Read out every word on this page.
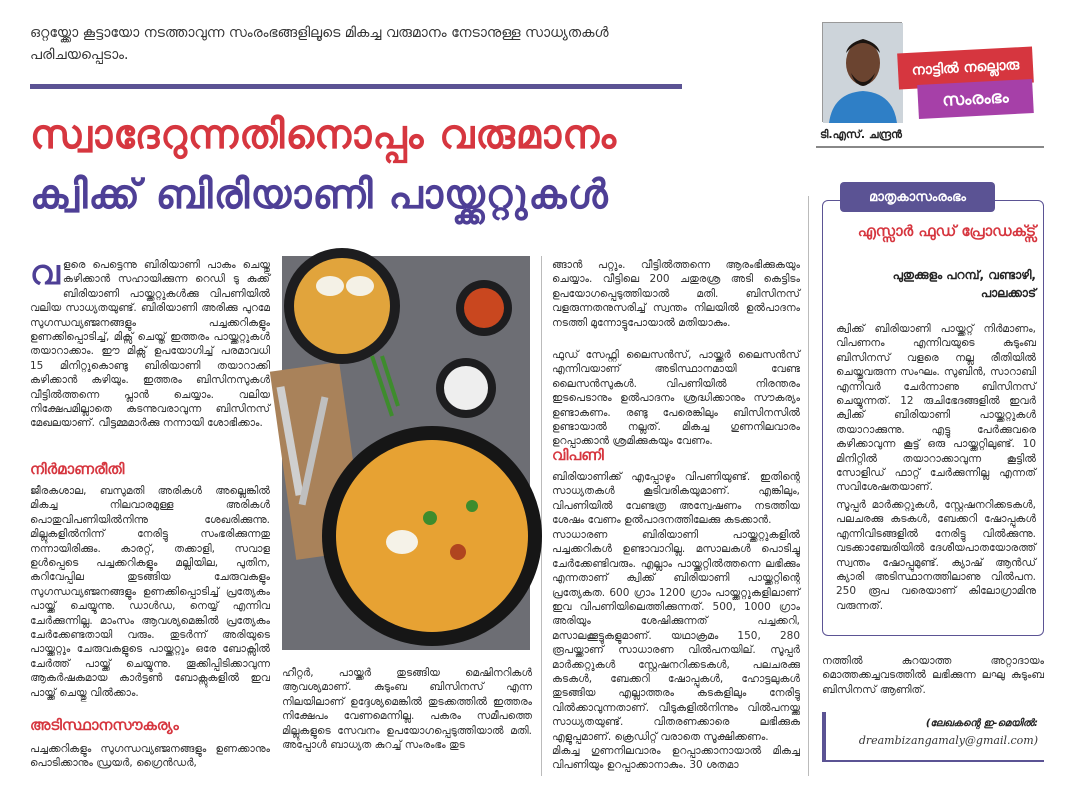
ഒറ്റയ്ക്കോ കൂട്ടായോ നടത്താവുന്ന സംരംഭങ്ങളിലൂടെ മികച്ച വരുമാനം നേടാനുള്ള സാധ്യതകൾ പരിചയപ്പെടാം.

സ്വാദേറുന്നതിനൊപ്പം വരുമാനം
ക്വിക്ക് ബിരിയാണി പായ്ക്കറ്റുകൾ
നാട്ടിൽ നല്ലൊരു
സംരംഭം
ടി.എസ്. ചന്ദ്രൻ
വളരെ പെട്ടെന്നു ബിരിയാണി പാകം ചെയ്തു കഴിക്കാൻ സഹായിക്കുന്ന റെഡി ടു കുക്ക് ബിരിയാണി പായ്ക്കറ്റുകൾക്കു വിപണിയിൽ വലിയ സാധ്യതയുണ്ട്. ബിരിയാണി അരിക്കു പുറമേ സുഗന്ധവ്യഞ്ജനങ്ങളും പച്ചക്കറികളും ഉണക്കിപ്പൊടിച്ച്, മിക്സ് ചെയ്ത് ഇത്തരം പായ്ക്കറ്റുകൾ തയാറാക്കാം. ഈ മിക്സ് ഉപയോഗിച്ച് പരമാവധി 15 മിനിറ്റുകൊണ്ടു ബിരിയാണി തയാറാക്കി കഴിക്കാൻ കഴിയും. ഇത്തരം ബിസിനസുകൾ വീട്ടിൽത്തന്നെ പ്ലാൻ ചെയ്യാം. വലിയ നിക്ഷേപമില്ലാതെ കടന്നുവരാവുന്ന ബിസിനസ് മേഖലയാണ്. വീട്ടമ്മമാർക്കു നന്നായി ശോഭിക്കാം.
നിർമാണരീതി
ജീരകശാല, ബസുമതി അരികൾ അല്ലെങ്കിൽ മികച്ച നിലവാരമുള്ള അരികൾ പൊതുവിപണിയിൽനിന്നു ശേഖരിക്കുന്നു. മില്ലുകളിൽനിന്ന് നേരിട്ടു സംഭരിക്കുന്നതു നന്നായിരിക്കും. കാരറ്റ്, തക്കാളി, സവാള ഉൾപ്പെടെ പച്ചക്കറികളും മല്ലിയില, പുതിന, കറിവേപ്പില തുടങ്ങിയ ചേരുവകളും സുഗന്ധവ്യഞ്ജനങ്ങളും ഉണക്കിപ്പൊടിച്ച് പ്രത്യേകം പായ്ക്ക് ചെയ്യുന്നു. ഡാൾഡ, നെയ്യ് എന്നിവ ചേർക്കുന്നില്ല. മാംസം ആവശ്യമെങ്കിൽ പ്രത്യേകം ചേർക്കേണ്ടതായി വരും. തുടർന്ന് അരിയുടെ പായ്ക്കറ്റും ചേരുവകളുടെ പായ്ക്കറ്റും ഒരേ ബോക്സിൽ ചേർത്ത് പായ്ക്ക് ചെയ്യുന്നു. തൂക്കിപ്പിടിക്കാവുന്ന ആകർഷകമായ കാർട്ടൺ ബോക്സുകളിൽ ഇവ പായ്ക്ക് ചെയ്തു വിൽക്കാം.
അടിസ്ഥാനസൗകര്യം
പച്ചക്കറികളും സുഗന്ധവ്യഞ്ജനങ്ങളും ഉണക്കാനും പൊടിക്കാനും ഡ്രയർ, ഗ്രൈൻഡർ,
ഹീറ്റർ, പായ്ക്കർ തുടങ്ങിയ മെഷിനറികൾ ആവശ്യമാണ്. കുടുംബ ബിസിനസ് എന്ന നിലയിലാണ് ഉദ്ദേശ്യമെങ്കിൽ തുടക്കത്തിൽ ഇത്തരം നിക്ഷേപം വേണമെന്നില്ല. പകരം സമീപത്തെ മില്ലുകളുടെ സേവനം ഉപയോഗപ്പെടുത്തിയാൽ മതി. അപ്പോൾ ബാധ്യത കുറച്ച് സംരംഭം തുട
ങ്ങാൻ പറ്റും. വീട്ടിൽത്തന്നെ ആരംഭിക്കുകയും ചെയ്യാം. വീട്ടിലെ 200 ചതുരശ്ര അടി കെട്ടിടം ഉപയോഗപ്പെടുത്തിയാൽ മതി. ബിസിനസ് വളരുന്നതനുസരിച്ച് സ്വന്തം നിലയിൽ ഉൽപാദനം നടത്തി മുന്നോട്ടുപോയാൽ മതിയാകും.
ഫുഡ് സേഫ്റ്റി ലൈസൻസ്, പായ്ക്കർ ലൈസൻസ് എന്നിവയാണ് അടിസ്ഥാനമായി വേണ്ട ലൈസൻസുകൾ. വിപണിയിൽ നിരന്തരം ഇടപെടാനും ഉൽപാദനം ശ്രദ്ധിക്കാനും സൗകര്യം ഉണ്ടാകണം. രണ്ടു പേരെങ്കിലും ബിസിനസിൽ ഉണ്ടായാൽ നല്ലത്. മികച്ച ഗുണനിലവാരം ഉറപ്പാക്കാൻ ശ്രമിക്കുകയും വേണം.
വിപണി
ബിരിയാണിക്ക് എപ്പോഴും വിപണിയുണ്ട്. ഇതിന്റെ സാധ്യതകൾ കൂടിവരികയുമാണ്. എങ്കിലും, വിപണിയിൽ വേണ്ടത്ര അന്വേഷണം നടത്തിയ ശേഷം വേണം ഉൽപാദനത്തിലേക്കു കടക്കാൻ.
സാധാരണ ബിരിയാണി പായ്ക്കറ്റുകളിൽ പച്ചക്കറികൾ ഉണ്ടാവാറില്ല. മസാലകൾ പൊടിച്ചു ചേർക്കേണ്ടിവരും. എല്ലാം പായ്ക്കറ്റിൽത്തന്നെ ലഭിക്കും എന്നതാണ് ക്വിക്ക് ബിരിയാണി പായ്ക്കറ്റിന്റെ പ്രത്യേകത. 600 ഗ്രാം 1200 ഗ്രാം പായ്ക്കറ്റുകളിലാണ് ഇവ വിപണിയിലെത്തിക്കുന്നത്. 500, 1000 ഗ്രാം അരിയും ശേഷിക്കുന്നത് പച്ചക്കറി, മസാലക്കൂട്ടുകളുമാണ്. യഥാക്രമം 150, 280 രൂപയ്ക്കാണ് സാധാരണ വിൽപനയില്. സൂപ്പർ മാർക്കറ്റുകൾ സ്റ്റേഷനറിക്കടകൾ, പലചരക്കു കടകൾ, ബേക്കറി ഷോപ്പുകൾ, ഹോട്ടലുകൾ തുടങ്ങിയ എല്ലാത്തരം കടകളിലും നേരിട്ടു വിൽക്കാവുന്നതാണ്. വീടുകളിൽനിന്നും വിൽപനയ്ക്കു സാധ്യതയുണ്ട്. വിതരണക്കാരെ ലഭിക്കുക എളുപ്പമാണ്. ക്രെഡിറ്റ് വരാതെ സൂക്ഷിക്കണം.
മികച്ച ഗുണനിലവാരം ഉറപ്പാക്കാനായാൽ മികച്ച വിപണിയും ഉറപ്പാക്കാനാകും. 30 ശതമാ
മാതൃകാസംരംഭം
എസ്സാർ ഫുഡ് പ്രോഡക്ട്സ്
പുതുക്കുളം പറമ്പ്, വണ്ടാഴി, പാലക്കാട്
ക്വിക്ക് ബിരിയാണി പായ്ക്കറ്റ് നിർമാണം, വിപണനം എന്നിവയുടെ കുടുംബ ബിസിനസ് വളരെ നല്ല രീതിയിൽ ചെയ്തുവരുന്ന സംഘം. സുബിൻ, സാറാബി എന്നിവർ ചേർന്നാണു ബിസിനസ് ചെയ്യുന്നത്. 12 രുചിഭേദങ്ങളിൽ ഇവർ ക്വിക്ക് ബിരിയാണി പായ്ക്കറ്റുകൾ തയാറാക്കുന്നു. എട്ടു പേർക്കുവരെ കഴിക്കാവുന്ന കൂട്ട് ഒരു പായ്ക്കറ്റിലുണ്ട്. 10 മിനിറ്റിൽ തയാറാക്കാവുന്ന കൂട്ടിൽ സോളിഡ് ഫാറ്റ് ചേർക്കുന്നില്ല എന്നത് സവിശേഷതയാണ്.
സൂപ്പർ മാർക്കറ്റുകൾ, സ്റ്റേഷനറിക്കടകൾ, പലചരക്കു കടകൾ, ബേക്കറി ഷോപ്പുകൾ എന്നിവിടങ്ങളിൽ നേരിട്ടു വിൽക്കുന്നു. വടക്കാഞ്ചേരിയിൽ ദേശീയപാതയോരത്ത് സ്വന്തം ഷോപ്പുമുണ്ട്. ക്യാഷ് ആൻഡ് ക്യാരി അടിസ്ഥാനത്തിലാണു വിൽപന. 250 രൂപ വരെയാണ് കിലോഗ്രാമിനു വരുന്നത്.
നത്തിൽ കുറയാത്ത അറ്റാദായം മൊത്തക്കച്ചവടത്തിൽ ലഭിക്കുന്ന ലഘു കുടുംബ ബിസിനസ് ആണിത്.
(ലേഖകന്റെ ഇ-മെയിൽ:
dreambizangamaly@gmail.com)
